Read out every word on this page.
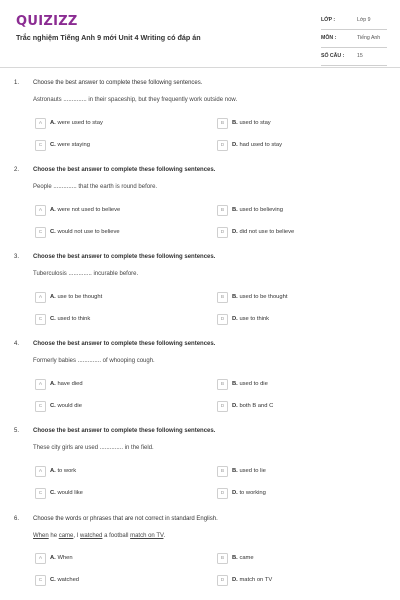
QUIZIZZ
Trắc nghiệm Tiếng Anh 9 mới Unit 4 Writing có đáp án
LỚP :	Lớp 9
MÔN :	Tiếng Anh
SỐ CÂU : 15
1. Choose the best answer to complete these following sentences.
Astronauts .............. in their spaceship, but they frequently work outside now.
A	A. were used to stay	B	B. used to stay
C	C. were staying	D	D. had used to stay
2. Choose the best answer to complete these following sentences.
People .............. that the earth is round before.
A	A. were not used to believe	B	B. used to believing
C	C. would not use to believe	D	D. did not use to believe
3. Choose the best answer to complete these following sentences.
Tuberculosis .............. incurable before.
A	A. use to be thought	B	B. used to be thought
C	C. used to think	D	D. use to think
4. Choose the best answer to complete these following sentences.
Formerly babies .............. of whooping cough.
A	A. have died	B	B. used to die
C	C. would die	D	D. both B and C
5. Choose the best answer to complete these following sentences.
These city girls are used .............. in the field.
A	A. to work	B	B. used to lie
C	C. would like	D	D. to working
6. Choose the words or phrases that are not correct in standard English.
When he came, I watched a football match on TV.
A	A. When	B	B. came
C	C. watched	D	D. match on TV
